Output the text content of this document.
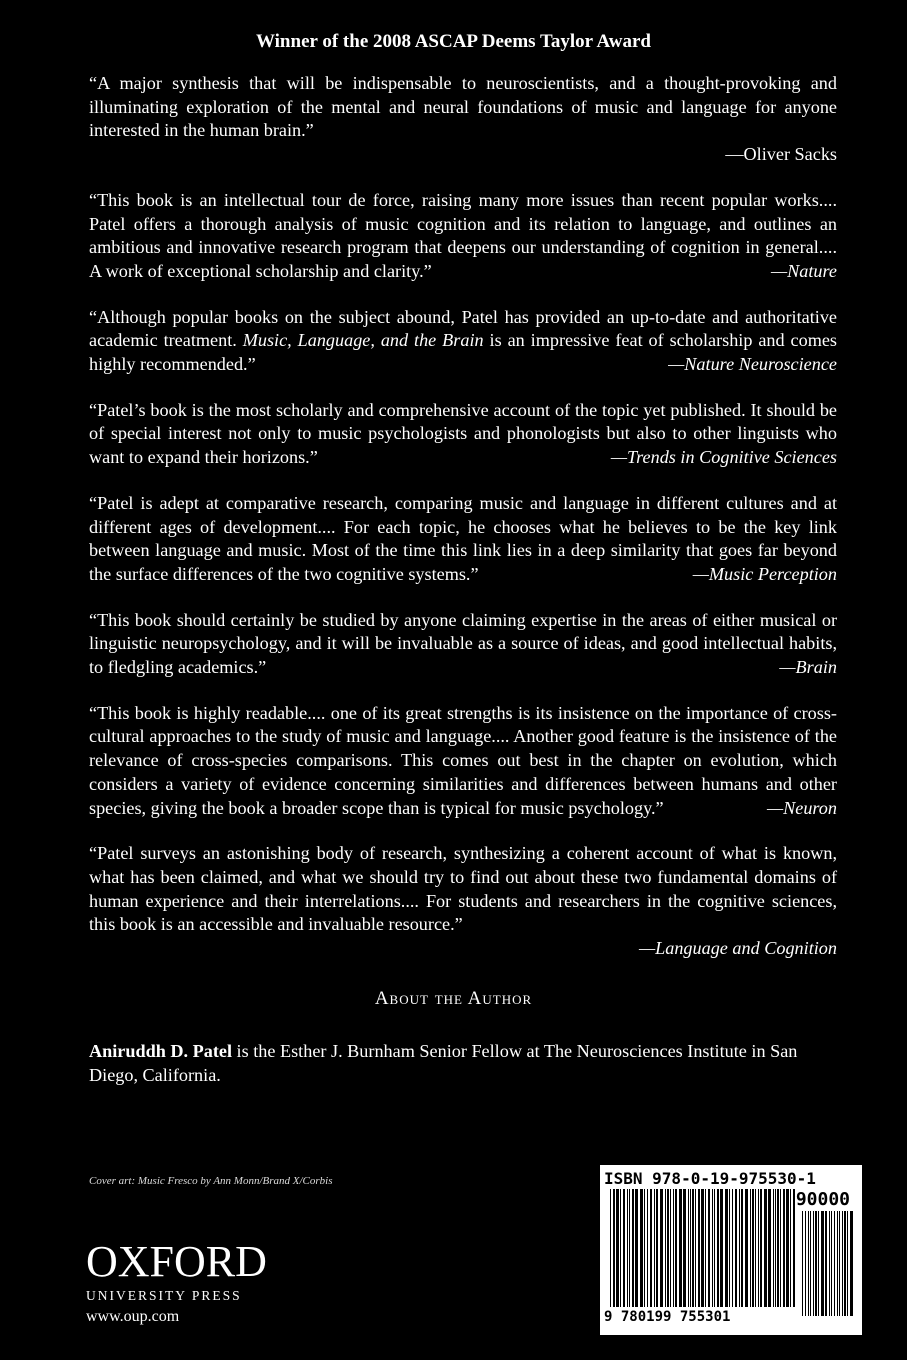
Winner of the 2008 ASCAP Deems Taylor Award
“A major synthesis that will be indispensable to neuroscientists, and a thought-provoking and illuminating exploration of the mental and neural foundations of music and language for anyone interested in the human brain.”
—Oliver Sacks
“This book is an intellectual tour de force, raising many more issues than recent popular works.... Patel offers a thorough analysis of music cognition and its relation to language, and outlines an ambitious and innovative research program that deepens our understanding of cognition in general.... A work of exceptional scholarship and clarity.”	—Nature
“Although popular books on the subject abound, Patel has provided an up-to-date and authoritative academic treatment. Music, Language, and the Brain is an impressive feat of scholarship and comes highly recommended.”	—Nature Neuroscience
“Patel’s book is the most scholarly and comprehensive account of the topic yet published. It should be of special interest not only to music psychologists and phonologists but also to other linguists who want to expand their horizons.”	—Trends in Cognitive Sciences
“Patel is adept at comparative research, comparing music and language in different cultures and at different ages of development.... For each topic, he chooses what he believes to be the key link between language and music. Most of the time this link lies in a deep similarity that goes far beyond the surface differences of the two cognitive systems.”	—Music Perception
“This book should certainly be studied by anyone claiming expertise in the areas of either musical or linguistic neuropsychology, and it will be invaluable as a source of ideas, and good intellectual habits, to fledgling academics.”	—Brain
“This book is highly readable.... one of its great strengths is its insistence on the importance of cross-cultural approaches to the study of music and language.... Another good feature is the insistence of the relevance of cross-species comparisons. This comes out best in the chapter on evolution, which considers a variety of evidence concerning similarities and differences between humans and other species, giving the book a broader scope than is typical for music psychology.”	—Neuron
“Patel surveys an astonishing body of research, synthesizing a coherent account of what is known, what has been claimed, and what we should try to find out about these two fundamental domains of human experience and their interrelations.... For students and researchers in the cognitive sciences, this book is an accessible and invaluable resource.”
—Language and Cognition
About the Author
Aniruddh D. Patel is the Esther J. Burnham Senior Fellow at The Neurosciences Institute in San Diego, California.
Cover art: Music Fresco by Ann Monn/Brand X/Corbis
OXFORD
UNIVERSITY PRESS
www.oup.com
ISBN 978-0-19-975530-1
90000
9 780199 755301
